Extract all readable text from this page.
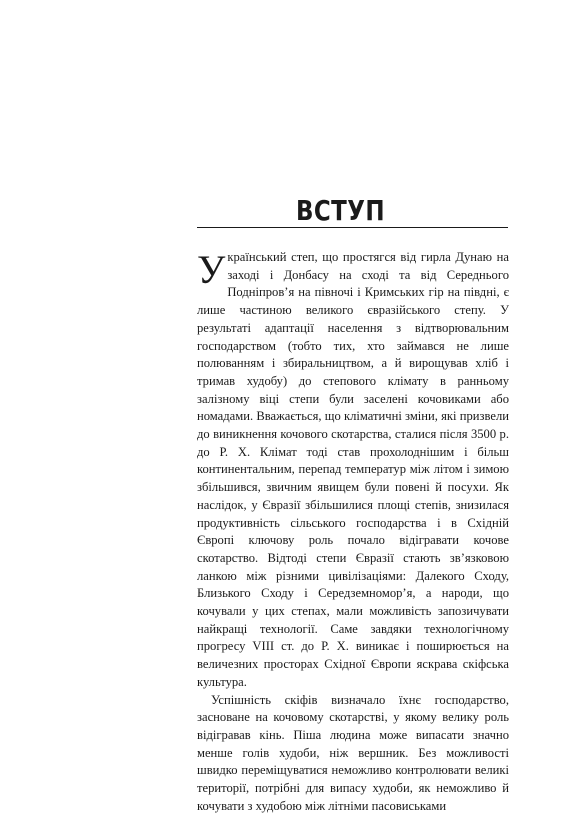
ВСТУП

Український степ, що простягся від гирла Дунаю на заході і Донбасу на сході та від Середнього Подніпров’я на півночі і Кримських гір на півдні, є лише частиною великого євразійського степу. У результаті адаптації населення з відтворювальним господарством (тобто тих, хто займався не лише полюванням і збиральництвом, а й вирощував хліб і тримав худобу) до степового клімату в ранньому залізному віці степи були заселені кочовиками або номадами. Вважається, що кліматичні зміни, які призвели до виникнення кочового скотарства, сталися після 3500 р. до Р. Х. Клімат тоді став прохолоднішим і більш континентальним, перепад температур між літом і зимою збільшився, звичним явищем були повені й посухи. Як наслідок, у Євразії збільшилися площі степів, знизилася продуктивність сільського господарства і в Східній Європі ключову роль почало відігравати кочове скотарство. Відтоді степи Євразії стають зв’язковою ланкою між різними цивілізаціями: Далекого Сходу, Близького Сходу і Середземномор’я, а народи, що кочували у цих степах, мали можливість запозичувати найкращі технології. Саме завдяки технологічному прогресу VIII ст. до Р. Х. виникає і поширюється на величезних просторах Східної Європи яскрава скіфська культура.

Успішність скіфів визначало їхнє господарство, засноване на кочовому скотарстві, у якому велику роль відігравав кінь. Піша людина може випасати значно менше голів худоби, ніж вершник. Без можливості швидко переміщуватися неможливо контролювати великі території, потрібні для випасу худоби, як неможливо й кочувати з худобою між літніми пасовиськами
